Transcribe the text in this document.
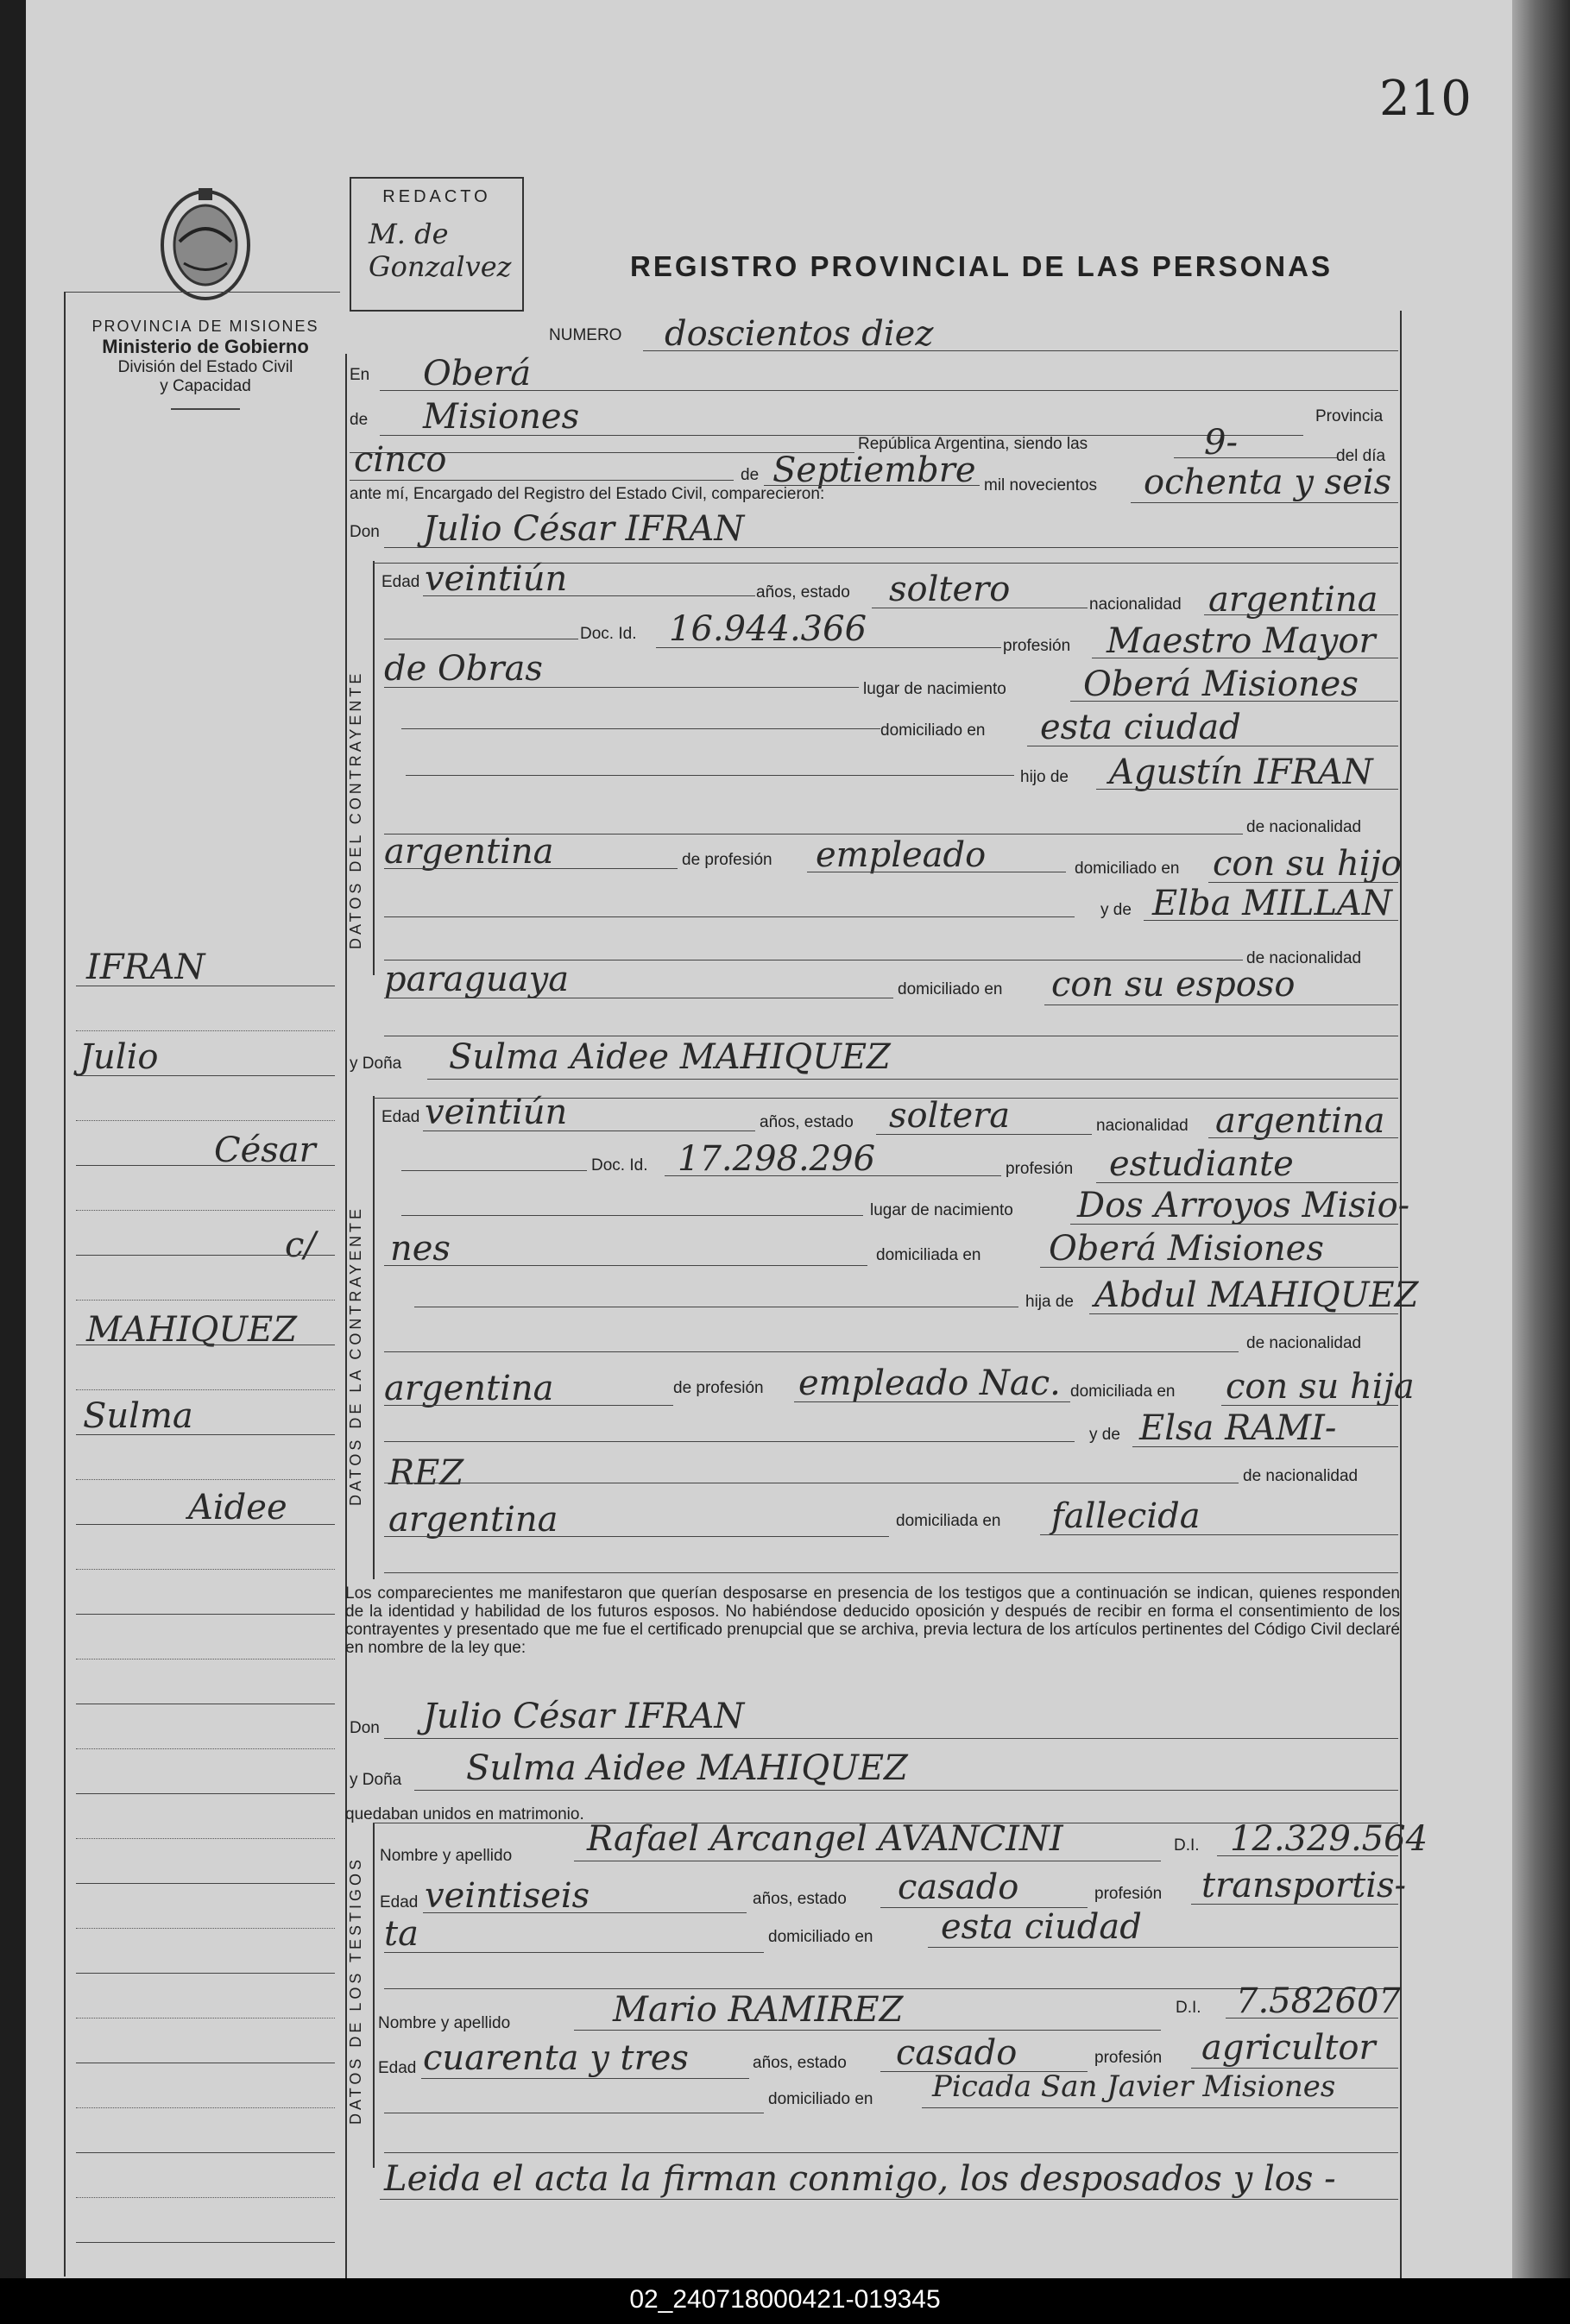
210
PROVINCIA DE MISIONES
Ministerio de Gobierno
División del Estado Civil
y Capacidad
REDACTO
M. de
Gonzalvez	REGISTRO PROVINCIAL DE LAS PERSONAS
NUMERO doscientos diez
En Oberá
de Misiones	Provincia
República Argentina, siendo las	9-	del día
cinco	de Septiembre mil novecientos ochenta y seis
ante mí, Encargado del Registro del Estado Civil, comparecieron:
Don Julio César IFRAN
DATOS DEL CONTRAYENTE
Edad veintiún	años, estado soltero	nacionalidad argentina
Doc. Id. 16.944.366	profesión Maestro Mayor
de Obras
lugar de nacimiento Oberá Misiones
domiciliado en esta ciudad
hijo de Agustín IFRAN
de nacionalidad
argentina	de profesión empleado	domiciliado en con su hijo
y de Elba MILLAN
de nacionalidad
paraguaya	domiciliado en con su esposo
y Doña Sulma Aidee MAHIQUEZ
DATOS DE LA CONTRAYENTE
Edad veintiún	años, estado soltera	nacionalidad argentina
Doc. Id. 17.298.296	profesión estudiante
lugar de nacimiento Dos Arroyos Misio-
nes	domiciliada en Oberá Misiones
hija de Abdul MAHIQUEZ
de nacionalidad
argentina	de profesión empleado Nac. domiciliada en con su hija
y de Elsa RAMI-
REZ	de nacionalidad
argentina	domiciliada en fallecida
Los comparecientes me manifestaron que querían desposarse en presencia de los testigos que a continuación se indican, quienes responden de la identidad y habilidad de los futuros esposos. No habiéndose deducido oposición y después de recibir en forma el consentimiento de los contrayentes y presentado que me fue el certificado prenupcial que se archiva, previa lectura de los artículos pertinentes del Código Civil declaré en nombre de la ley que:
Don Julio César IFRAN
y Doña Sulma Aidee MAHIQUEZ
quedaban unidos en matrimonio.
DATOS DE LOS TESTIGOS
Nombre y apellido Rafael Arcangel AVANCINI	D.I. 12.329.564
Edad veintiseis	años, estado casado	profesión transportis-
ta	domiciliado en esta ciudad
Nombre y apellido	Mario RAMIREZ	D.I. 7.582607
Edad cuarenta y tres	años, estado casado	profesión agricultor
domiciliado en Picada San Javier Misiones
Leida el acta la firman conmigo, los desposados y los -
IFRAN
Julio
César
c/
MAHIQUEZ
Sulma
Aidee
02_240718000421-019345
